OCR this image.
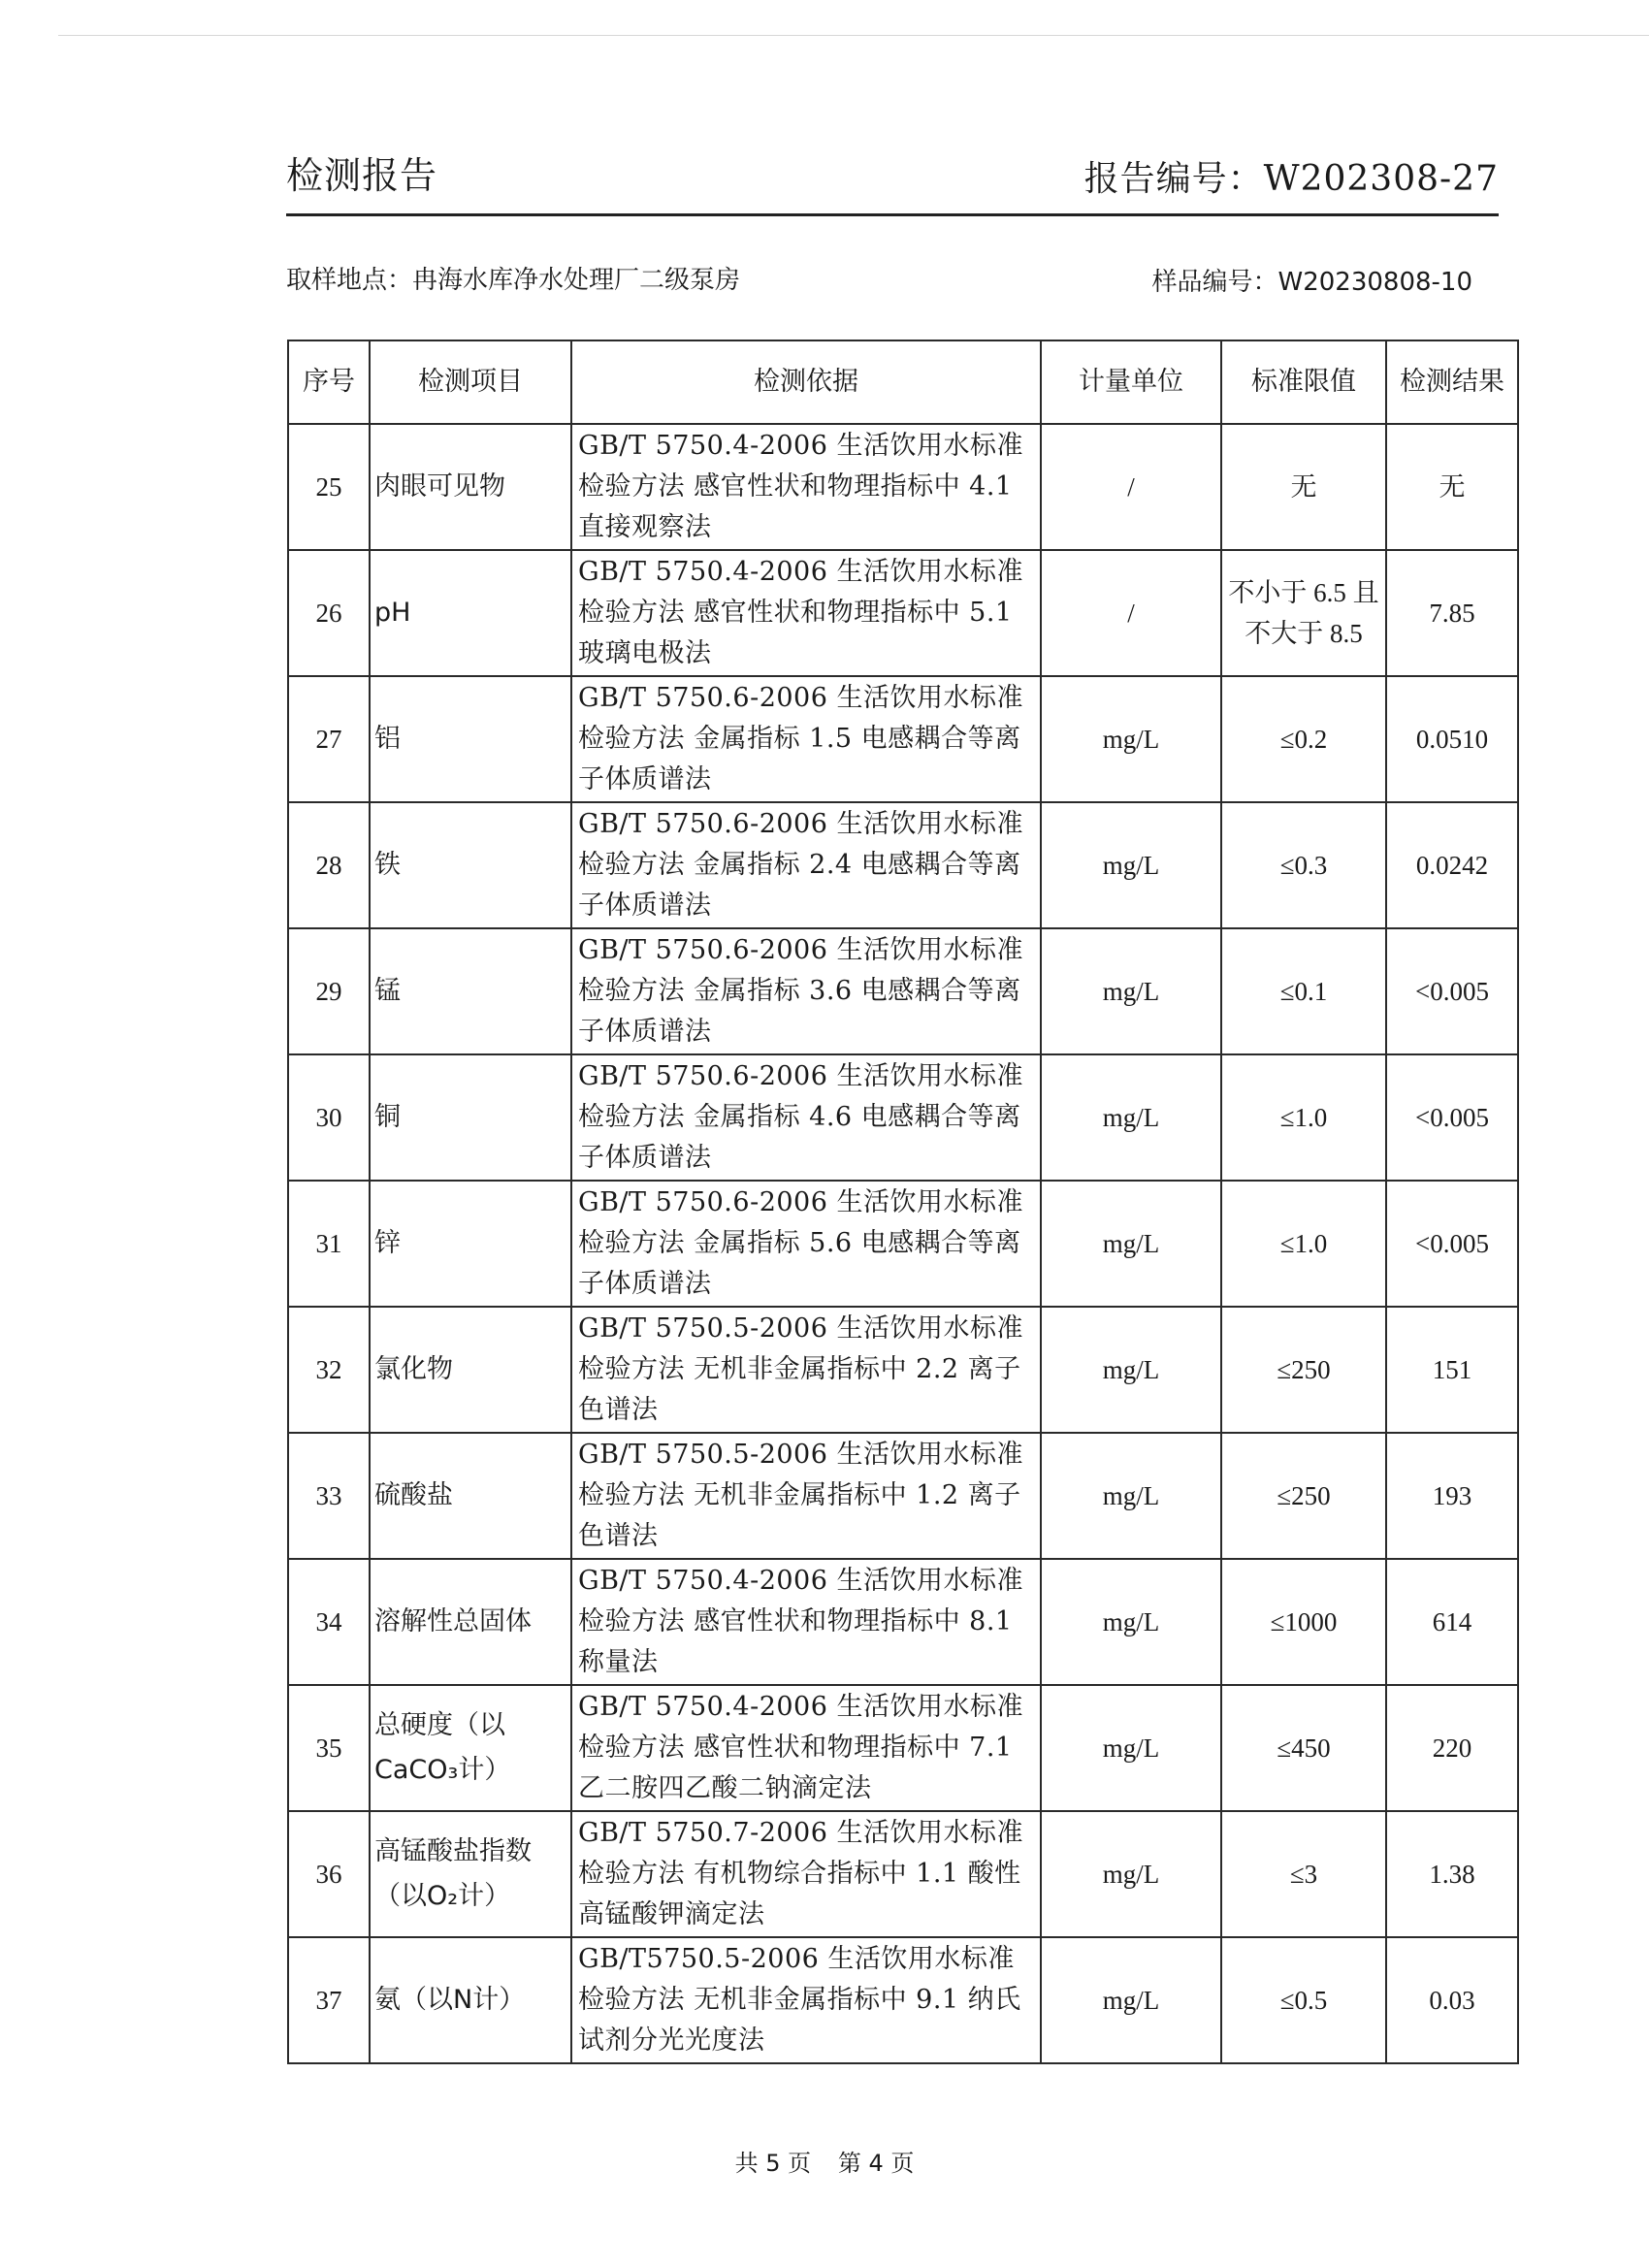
检测报告	报告编号：W202308-27
取样地点：冉海水库净水处理厂二级泵房	样品编号：W20230808-10
序号	检测项目	检测依据	计量单位	标准限值	检测结果
25	肉眼可见物	GB/T 5750.4-2006 生活饮用水标准检验方法 感官性状和物理指标中 4.1 直接观察法	/	无	无
26	pH	GB/T 5750.4-2006 生活饮用水标准检验方法 感官性状和物理指标中 5.1 玻璃电极法	/	不小于 6.5 且不大于 8.5	7.85
27	铝	GB/T 5750.6-2006 生活饮用水标准检验方法 金属指标 1.5 电感耦合等离子体质谱法	mg/L	≤0.2	0.0510
28	铁	GB/T 5750.6-2006 生活饮用水标准检验方法 金属指标 2.4 电感耦合等离子体质谱法	mg/L	≤0.3	0.0242
29	锰	GB/T 5750.6-2006 生活饮用水标准检验方法 金属指标 3.6 电感耦合等离子体质谱法	mg/L	≤0.1	<0.005
30	铜	GB/T 5750.6-2006 生活饮用水标准检验方法 金属指标 4.6 电感耦合等离子体质谱法	mg/L	≤1.0	<0.005
31	锌	GB/T 5750.6-2006 生活饮用水标准检验方法 金属指标 5.6 电感耦合等离子体质谱法	mg/L	≤1.0	<0.005
32	氯化物	GB/T 5750.5-2006 生活饮用水标准检验方法 无机非金属指标中 2.2 离子色谱法	mg/L	≤250	151
33	硫酸盐	GB/T 5750.5-2006 生活饮用水标准检验方法 无机非金属指标中 1.2 离子色谱法	mg/L	≤250	193
34	溶解性总固体	GB/T 5750.4-2006 生活饮用水标准检验方法 感官性状和物理指标中 8.1 称量法	mg/L	≤1000	614
35	总硬度（以CaCO₃计）	GB/T 5750.4-2006 生活饮用水标准检验方法 感官性状和物理指标中 7.1 乙二胺四乙酸二钠滴定法	mg/L	≤450	220
36	高锰酸盐指数（以O₂计）	GB/T 5750.7-2006 生活饮用水标准检验方法 有机物综合指标中 1.1 酸性高锰酸钾滴定法	mg/L	≤3	1.38
37	氨（以N计）	GB/T5750.5-2006 生活饮用水标准检验方法 无机非金属指标中 9.1 纳氏试剂分光光度法	mg/L	≤0.5	0.03
共 5 页 第 4 页
